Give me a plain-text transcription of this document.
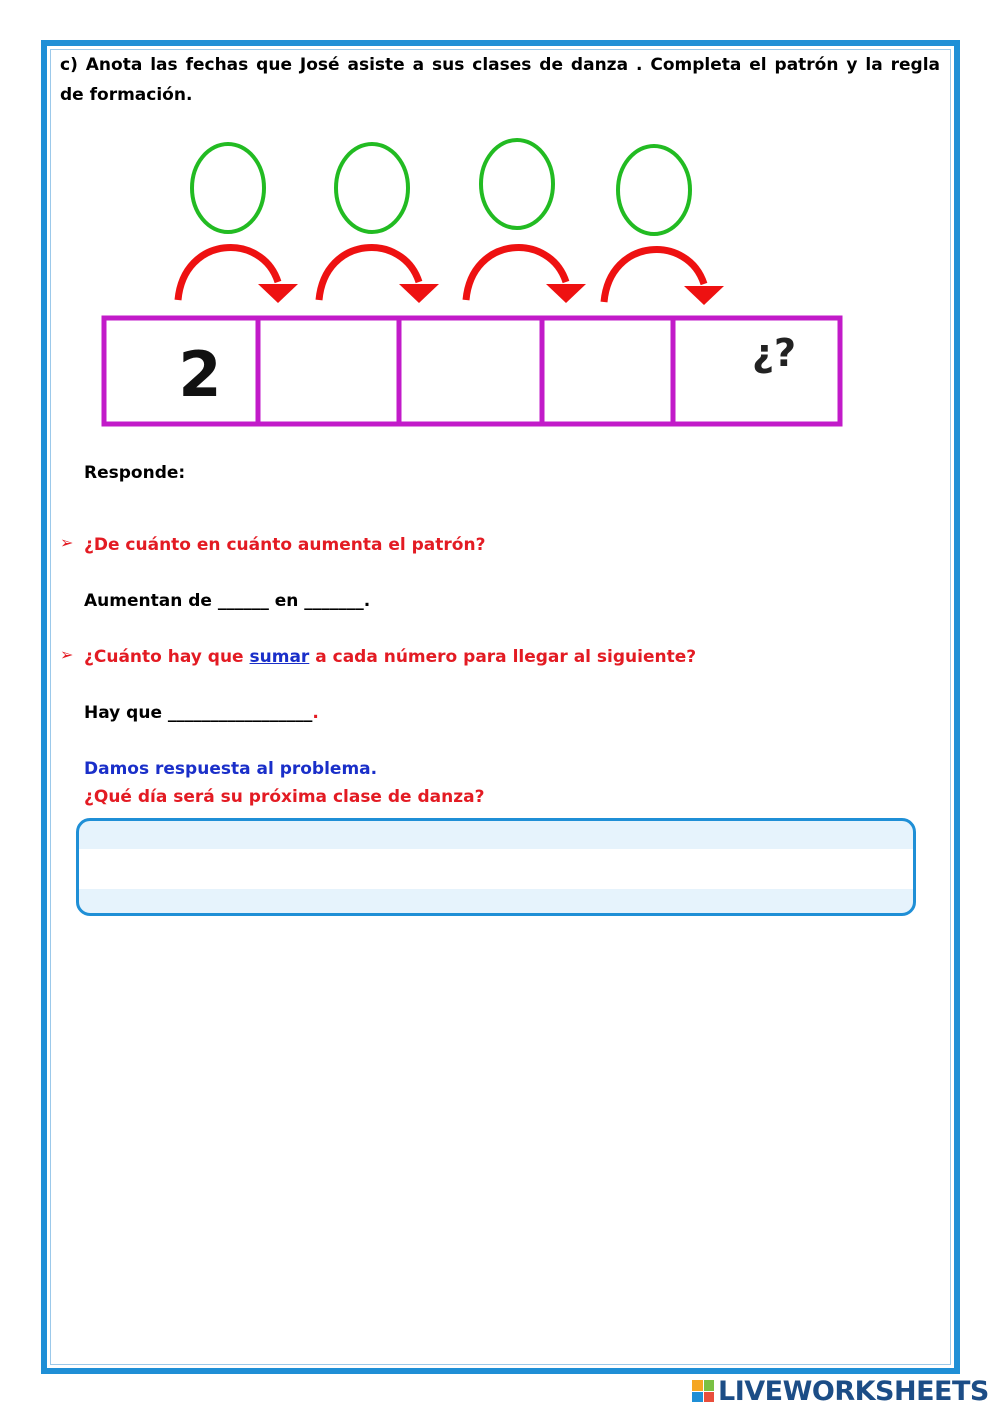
c) Anota las fechas que José asiste a sus clases de danza . Completa el patrón y la regla
de formación.
2	¿?
Responde:
➢ ¿De cuánto en cuánto aumenta el patrón?
Aumentan de ______ en _______.
➢ ¿Cuánto hay que sumar a cada número para llegar al siguiente?
Hay que _________________.
Damos respuesta al problema.
¿Qué día será su próxima clase de danza?
LIVEWORKSHEETS
